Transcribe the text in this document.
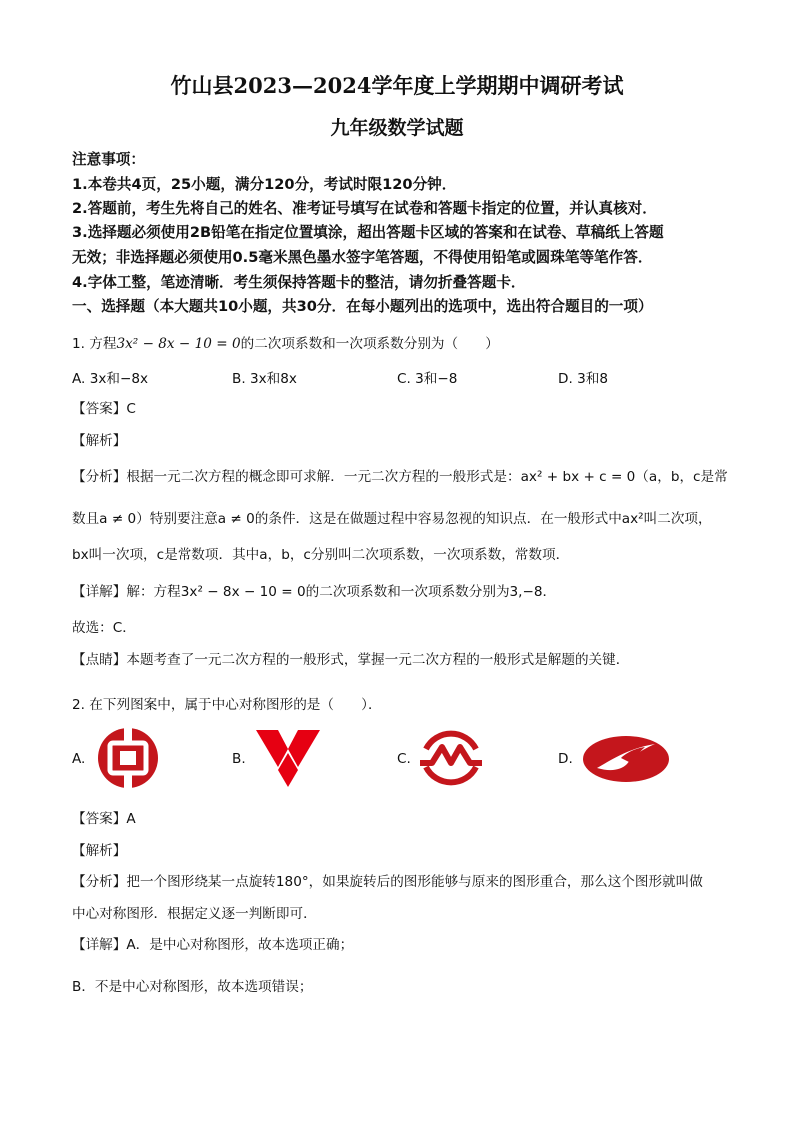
竹山县2023—2024学年度上学期期中调研考试
九年级数学试题
注意事项：
1.本卷共4页，25小题，满分120分，考试时限120分钟．
2.答题前，考生先将自己的姓名、准考证号填写在试卷和答题卡指定的位置，并认真核对．
3.选择题必须使用2B铅笔在指定位置填涂，超出答题卡区域的答案和在试卷、草稿纸上答题
无效；非选择题必须使用0.5毫米黑色墨水签字笔答题，不得使用铅笔或圆珠笔等笔作答．
4.字体工整，笔迹清晰．考生须保持答题卡的整洁，请勿折叠答题卡．
一、选择题（本大题共10小题，共30分．在每小题列出的选项中，选出符合题目的一项）
1. 方程3x² − 8x − 10 = 0的二次项系数和一次项系数分别为（　　）
A. 3x和−8x	B. 3x和8x	C. 3和−8	D. 3和8
【答案】C
【解析】
【分析】根据一元二次方程的概念即可求解．一元二次方程的一般形式是：ax² + bx + c = 0（a，b，c是常
数且a ≠ 0）特别要注意a ≠ 0的条件．这是在做题过程中容易忽视的知识点．在一般形式中ax²叫二次项，
bx叫一次项，c是常数项．其中a，b，c分别叫二次项系数，一次项系数，常数项．
【详解】解：方程3x² − 8x − 10 = 0的二次项系数和一次项系数分别为3,−8．
故选：C．
【点睛】本题考查了一元二次方程的一般形式，掌握一元二次方程的一般形式是解题的关键．
2. 在下列图案中，属于中心对称图形的是（　　）．
A.	B.	C.	D.
【答案】A
【解析】
【分析】把一个图形绕某一点旋转180°，如果旋转后的图形能够与原来的图形重合，那么这个图形就叫做
中心对称图形．根据定义逐一判断即可．
【详解】A．是中心对称图形，故本选项正确；
B．不是中心对称图形，故本选项错误；
